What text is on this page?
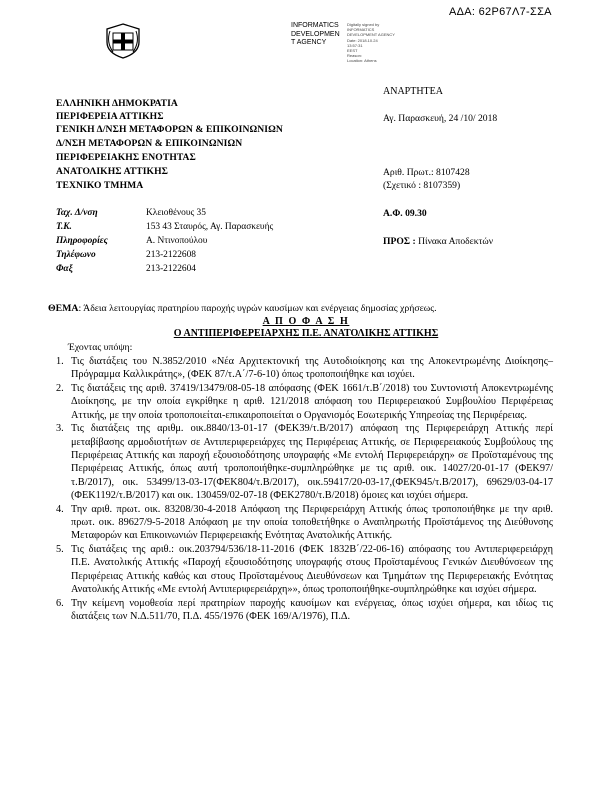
ΑΔΑ: 62Ρ67Λ7-ΣΣΑ
INFORMATICS
DEVELOPMEN
T AGENCY
Digitally signed by
INFORMATICS
DEVELOPMENT AGENCY
Date: 2018.10.24
13:57:31
EEST
Reason:
Location: Athens
ΑΝΑΡΤΗΤΕΑ
ΕΛΛΗΝΙΚΗ ΔΗΜΟΚΡΑΤΙΑ
ΠΕΡΙΦΕΡΕΙΑ ΑΤΤΙΚΗΣ
ΓΕΝΙΚΗ Δ/ΝΣΗ ΜΕΤΑΦΟΡΩΝ & ΕΠΙΚΟΙΝΩΝΙΩΝ
Δ/ΝΣΗ ΜΕΤΑΦΟΡΩΝ & ΕΠΙΚΟΙΝΩΝΙΩΝ
ΠΕΡΙΦΕΡΕΙΑΚΗΣ ΕΝΟΤΗΤΑΣ
ΑΝΑΤΟΛΙΚΗΣ ΑΤΤΙΚΗΣ
ΤΕΧΝΙΚΟ ΤΜΗΜΑ
Αγ. Παρασκευή, 24 /10/ 2018
Αριθ. Πρωτ.: 8107428
(Σχετικό : 8107359)
Ταχ. Δ/νση	Κλειοθένους 35
Τ.Κ.	153 43 Σταυρός, Αγ. Παρασκευής
Πληροφορίες	Α. Ντινοπούλου
Τηλέφωνο	213-2122608
Φαξ	213-2122604
Α.Φ. 09.30
ΠΡΟΣ : Πίνακα Αποδεκτών
ΘΕΜΑ: Άδεια λειτουργίας πρατηρίου παροχής υγρών καυσίμων και ενέργειας δημοσίας χρήσεως.
Α Π Ο Φ Α Σ Η
Ο ΑΝΤΙΠΕΡΙΦΕΡΕΙΑΡΧΗΣ Π.Ε. ΑΝΑΤΟΛΙΚΗΣ ΑΤΤΙΚΗΣ
Έχοντας υπόψη:
1. Τις διατάξεις του Ν.3852/2010 «Νέα Αρχιτεκτονική της Αυτοδιοίκησης και της Αποκεντρωμένης Διοίκησης– Πρόγραμμα Καλλικράτης», (ΦΕΚ 87/τ.Α΄/7-6-10) όπως τροποποιήθηκε και ισχύει.
2. Τις διατάξεις της αριθ. 37419/13479/08-05-18 απόφασης (ΦΕΚ 1661/τ.Β΄/2018) του Συντονιστή Αποκεντρωμένης Διοίκησης, με την οποία εγκρίθηκε η αριθ. 121/2018 απόφαση του Περιφερειακού Συμβουλίου Περιφέρειας Αττικής, με την οποία τροποποιείται-επικαιροποιείται ο Οργανισμός Εσωτερικής Υπηρεσίας της Περιφέρειας.
3. Τις διατάξεις της αριθμ. οικ.8840/13-01-17 (ΦΕΚ39/τ.Β/2017) απόφαση της Περιφερειάρχη Αττικής περί μεταβίβασης αρμοδιοτήτων σε Αντιπεριφερειάρχες της Περιφέρειας Αττικής, σε Περιφερειακούς Συμβούλους της Περιφέρειας Αττικής και παροχή εξουσιοδότησης υπογραφής «Με εντολή Περιφερειάρχη» σε Προϊσταμένους της Περιφέρειας Αττικής, όπως αυτή τροποποιήθηκε-συμπληρώθηκε με τις αριθ. οικ. 14027/20-01-17 (ΦΕΚ97/τ.Β/2017), οικ. 53499/13-03-17(ΦΕΚ804/τ.Β/2017), οικ.59417/20-03-17,(ΦΕΚ945/τ.Β/2017), 69629/03-04-17 (ΦΕΚ1192/τ.Β/2017) και οικ. 130459/02-07-18 (ΦΕΚ2780/τ.Β/2018) όμοιες και ισχύει σήμερα.
4. Την αριθ. πρωτ. οικ. 83208/30-4-2018 Απόφαση της Περιφερειάρχη Αττικής όπως τροποποιήθηκε με την αριθ. πρωτ. οικ. 89627/9-5-2018 Απόφαση με την οποία τοποθετήθηκε ο Αναπληρωτής Προϊστάμενος της Διεύθυνσης Μεταφορών και Επικοινωνιών Περιφερειακής Ενότητας Ανατολικής Αττικής.
5. Τις διατάξεις της αριθ.: οικ.203794/536/18-11-2016 (ΦΕΚ 1832Β΄/22-06-16) απόφασης του Αντιπεριφερειάρχη Π.Ε. Ανατολικής Αττικής «Παροχή εξουσιοδότησης υπογραφής στους Προϊσταμένους Γενικών Διευθύνσεων της Περιφέρειας Αττικής καθώς και στους Προϊσταμένους Διευθύνσεων και Τμημάτων της Περιφερειακής Ενότητας Ανατολικής Αττικής «Με εντολή Αντιπεριφερειάρχη»», όπως τροποποιήθηκε-συμπληρώθηκε και ισχύει σήμερα.
6. Την κείμενη νομοθεσία περί πρατηρίων παροχής καυσίμων και ενέργειας, όπως ισχύει σήμερα, και ιδίως τις διατάξεις των Ν.Δ.511/70, Π.Δ. 455/1976 (ΦΕΚ 169/Α/1976), Π.Δ.
